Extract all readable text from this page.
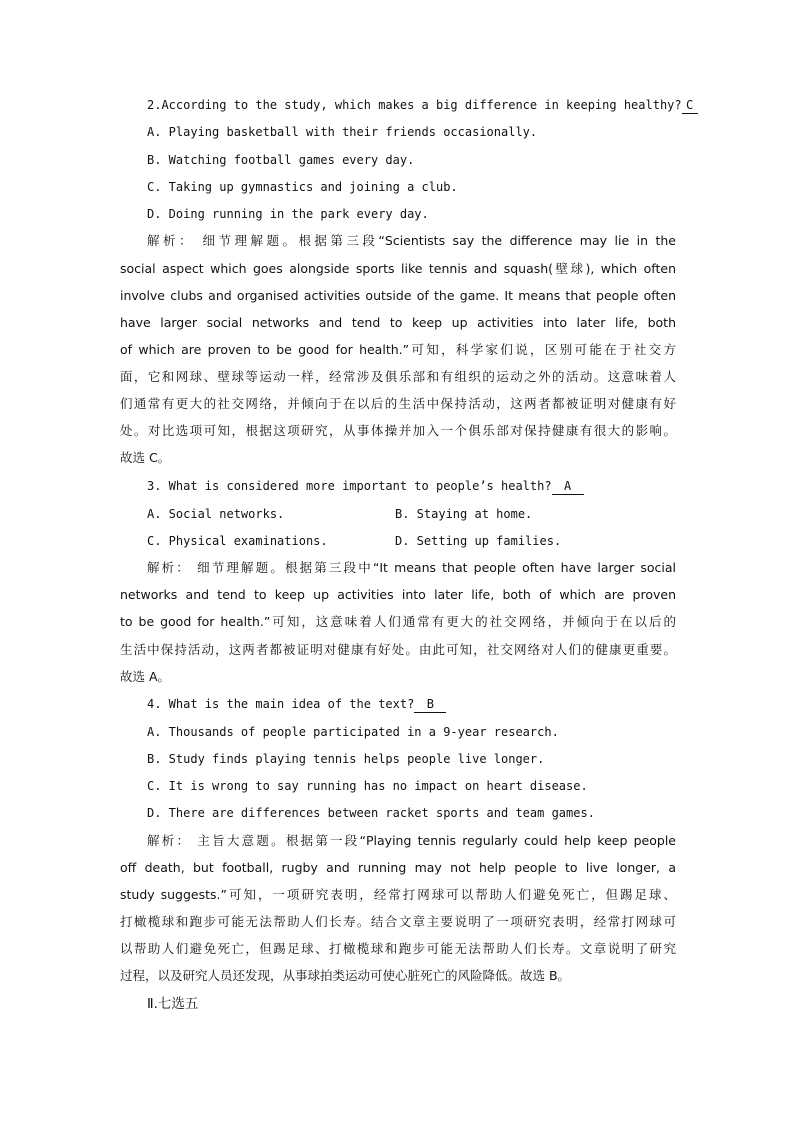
2.According to the study, which makes a big difference in keeping healthy? C
A. Playing basketball with their friends occasionally.
B. Watching football games every day.
C. Taking up gymnastics and joining a club.
D. Doing running in the park every day.
解析： 细节理解题。根据第三段“Scientists say the difference may lie in the
social aspect which goes alongside sports like tennis and squash(壁球), which often
involve clubs and organised activities outside of the game. It means that people often
have larger social networks and tend to keep up activities into later life, both
of which are proven to be good for health.”可知，科学家们说，区别可能在于社交方
面，它和网球、壁球等运动一样，经常涉及俱乐部和有组织的运动之外的活动。这意味着人
们通常有更大的社交网络，并倾向于在以后的生活中保持活动，这两者都被证明对健康有好
处。对比选项可知，根据这项研究，从事体操并加入一个俱乐部对保持健康有很大的影响。
故选 C。
3. What is considered more important to people’s health? A
A. Social networks.	B. Staying at home.
C. Physical examinations.	D. Setting up families.
解析： 细节理解题。根据第三段中“It means that people often have larger social
networks and tend to keep up activities into later life, both of which are proven
to be good for health.”可知，这意味着人们通常有更大的社交网络，并倾向于在以后的
生活中保持活动，这两者都被证明对健康有好处。由此可知，社交网络对人们的健康更重要。
故选 A。
4. What is the main idea of the text? B
A. Thousands of people participated in a 9-year research.
B. Study finds playing tennis helps people live longer.
C. It is wrong to say running has no impact on heart disease.
D. There are differences between racket sports and team games.
解析： 主旨大意题。根据第一段“Playing tennis regularly could help keep people
off death, but football, rugby and running may not help people to live longer, a
study suggests.”可知，一项研究表明，经常打网球可以帮助人们避免死亡，但踢足球、
打橄榄球和跑步可能无法帮助人们长寿。结合文章主要说明了一项研究表明，经常打网球可
以帮助人们避免死亡，但踢足球、打橄榄球和跑步可能无法帮助人们长寿。文章说明了研究
过程，以及研究人员还发现，从事球拍类运动可使心脏死亡的风险降低。故选 B。
Ⅱ.七选五
